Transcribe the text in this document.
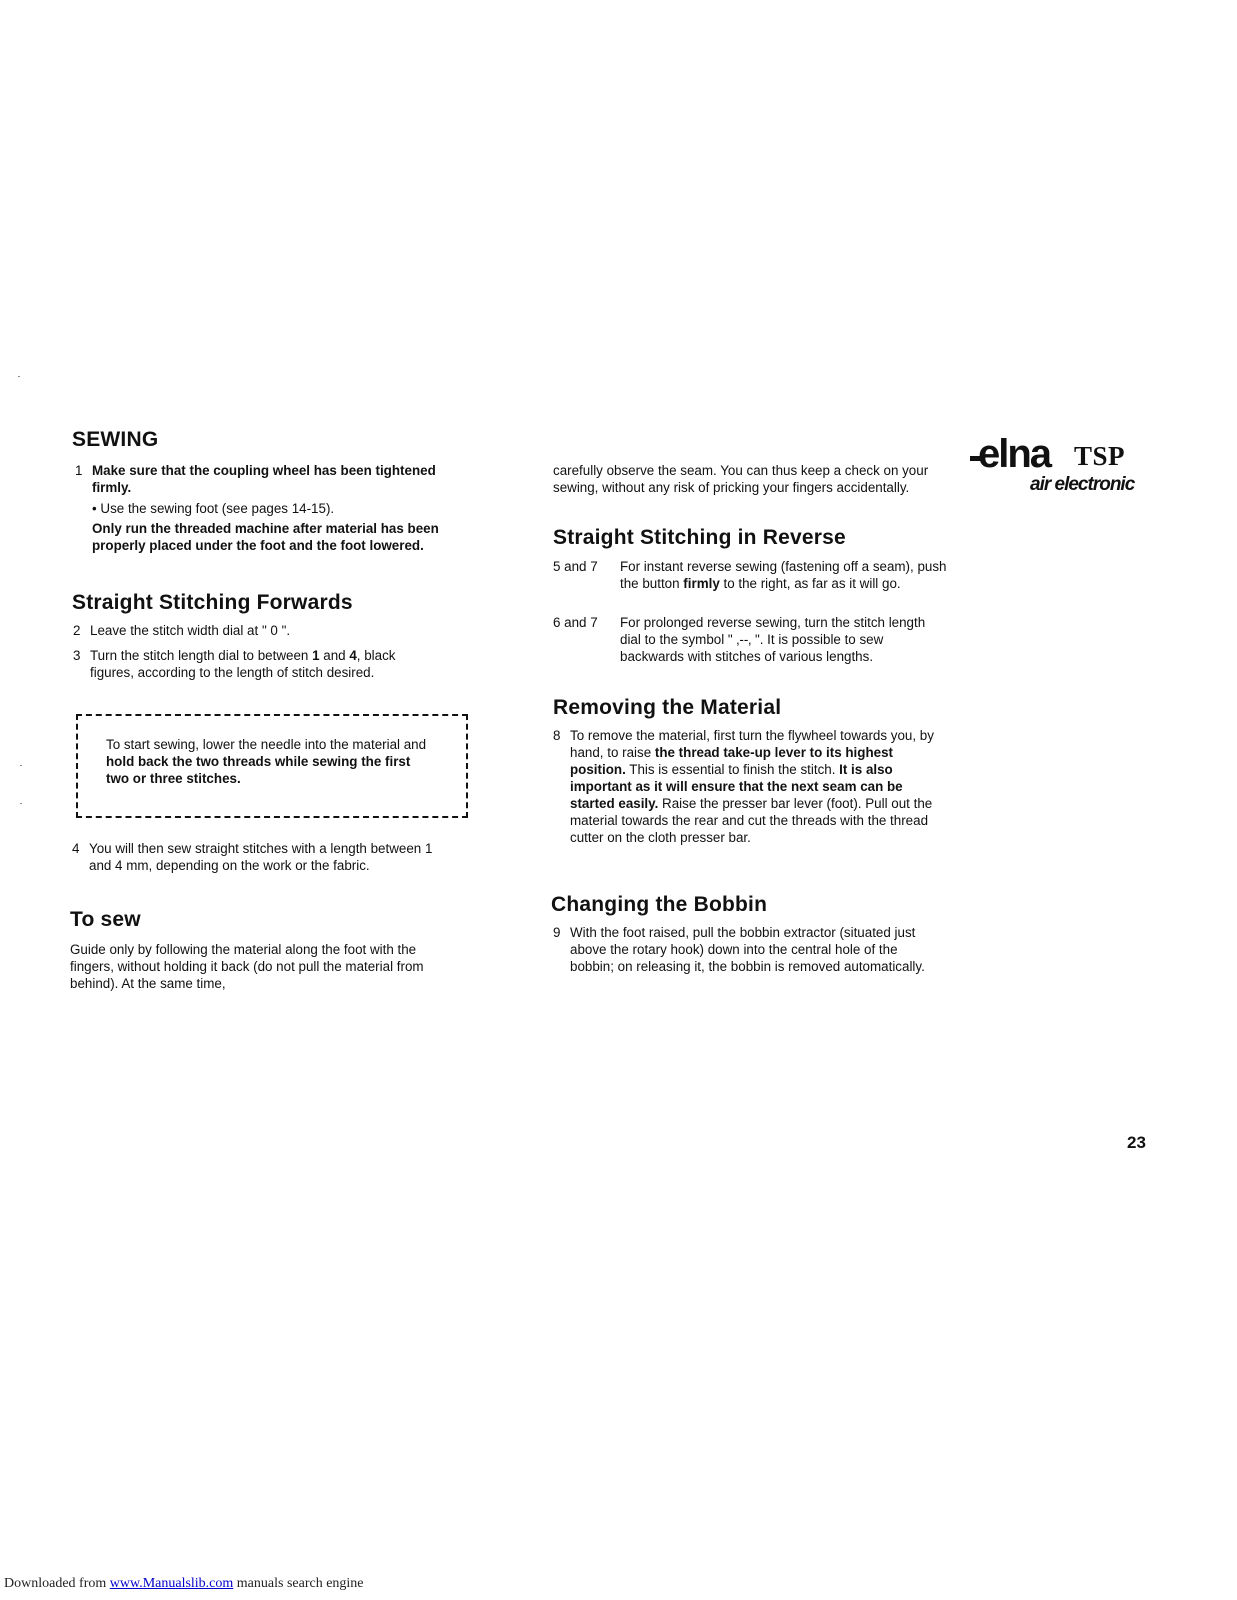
elna TSP
air electronic
SEWING
1 Make sure that the coupling wheel has been tightened firmly.
• Use the sewing foot (see pages 14-15).
Only run the threaded machine after material has been properly placed under the foot and the foot lowered.
Straight Stitching Forwards
2 Leave the stitch width dial at " 0 ".
3 Turn the stitch length dial to between 1 and 4, black figures, according to the length of stitch desired.
To start sewing, lower the needle into the material and hold back the two threads while sewing the first two or three stitches.
4 You will then sew straight stitches with a length between 1 and 4 mm, depending on the work or the fabric.
To sew

Guide only by following the material along the foot with the fingers, without holding it back (do not pull the material from behind). At the same time,

carefully observe the seam. You can thus keep a check on your sewing, without any risk of pricking your fingers accidentally.

Straight Stitching in Reverse
5 and 7	For instant reverse sewing (fastening off a seam), push the button firmly to the right, as far as it will go.
6 and 7	For prolonged reverse sewing, turn the stitch length dial to the symbol " ‚-‐‚ ". It is possible to sew backwards with stitches of various lengths.
Removing the Material
8 To remove the material, first turn the flywheel towards you, by hand, to raise the thread take-up lever to its highest position. This is essential to finish the stitch. It is also important as it will ensure that the next seam can be started easily. Raise the presser bar lever (foot). Pull out the material towards the rear and cut the threads with the thread cutter on the cloth presser bar.
Changing the Bobbin
9 With the foot raised, pull the bobbin extractor (situated just above the rotary hook) down into the central hole of the bobbin; on releasing it, the bobbin is removed automatically.
23
Downloaded from www.Manualslib.com manuals search engine
